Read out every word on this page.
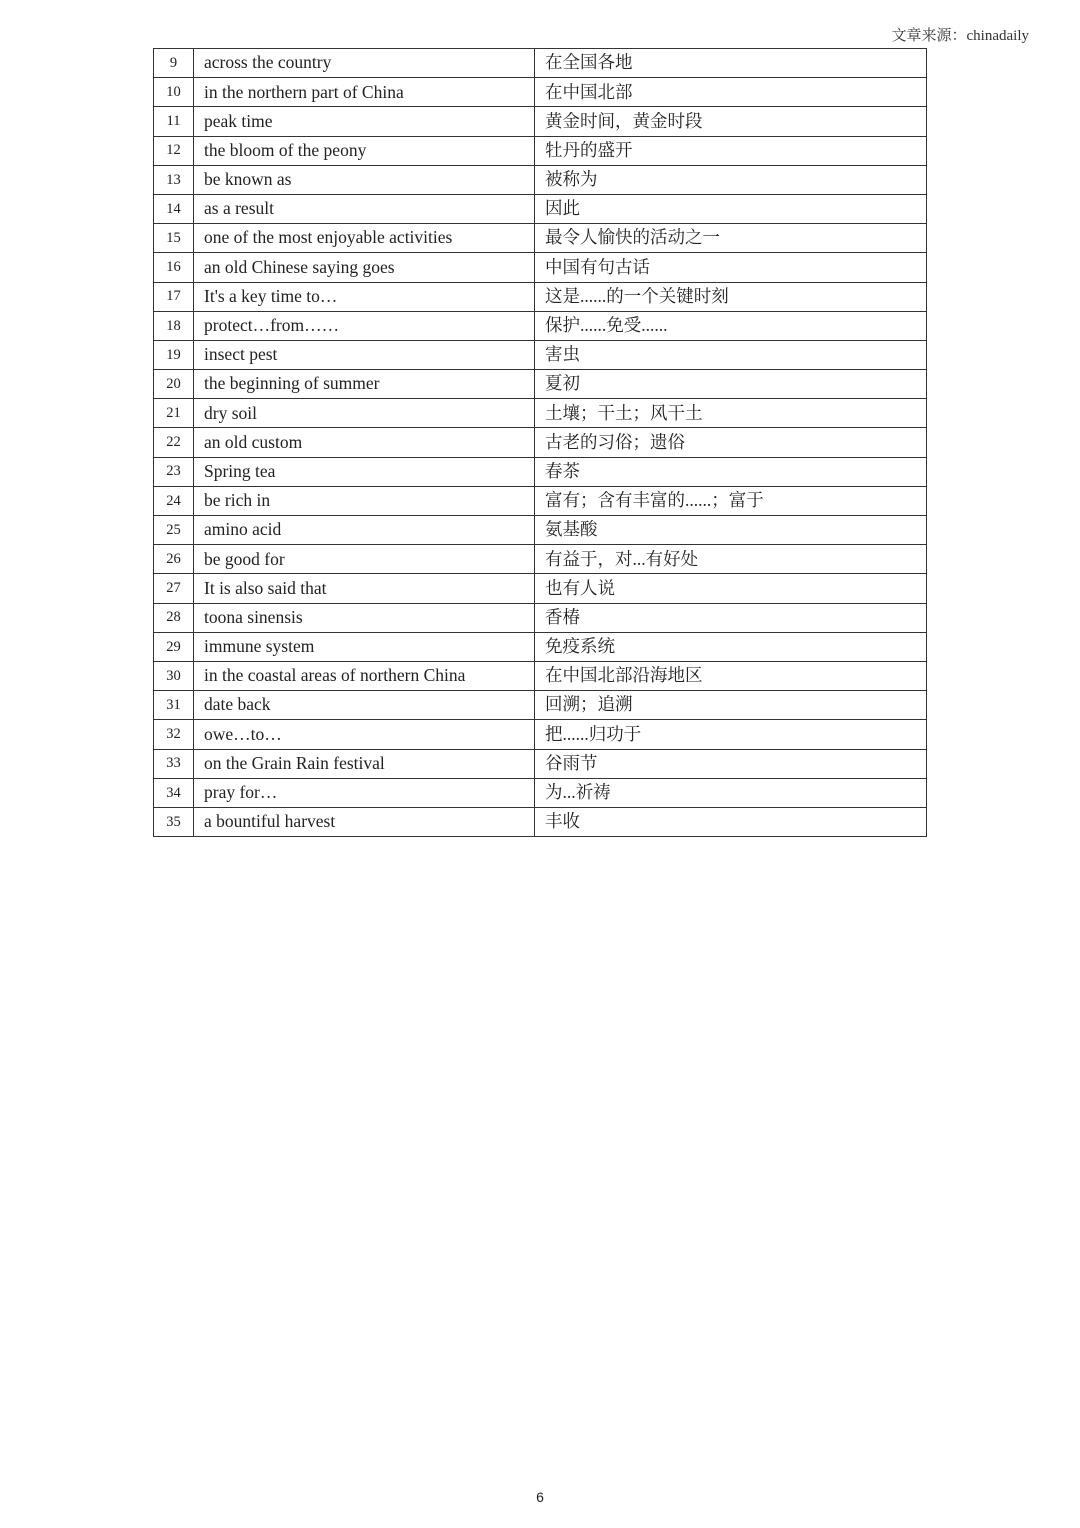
文章来源：chinadaily
9	across the country	在全国各地
10	in the northern part of China	在中国北部
11	peak time	黄金时间，黄金时段
12	the bloom of the peony	牡丹的盛开
13	be known as	被称为
14	as a result	因此
15	one of the most enjoyable activities	最令人愉快的活动之一
16	an old Chinese saying goes	中国有句古话
17	It's a key time to…	这是......的一个关键时刻
18	protect…from……	保护......免受......
19	insect pest	害虫
20	the beginning of summer	夏初
21	dry soil	土壤；干土；风干土
22	an old custom	古老的习俗；遗俗
23	Spring tea	春茶
24	be rich in	富有；含有丰富的......；富于
25	amino acid	氨基酸
26	be good for	有益于，对...有好处
27	It is also said that	也有人说
28	toona sinensis	香椿
29	immune system	免疫系统
30	in the coastal areas of northern China	在中国北部沿海地区
31	date back	回溯；追溯
32	owe…to…	把......归功于
33	on the Grain Rain festival	谷雨节
34	pray for…	为...祈祷
35	a bountiful harvest	丰收
6
